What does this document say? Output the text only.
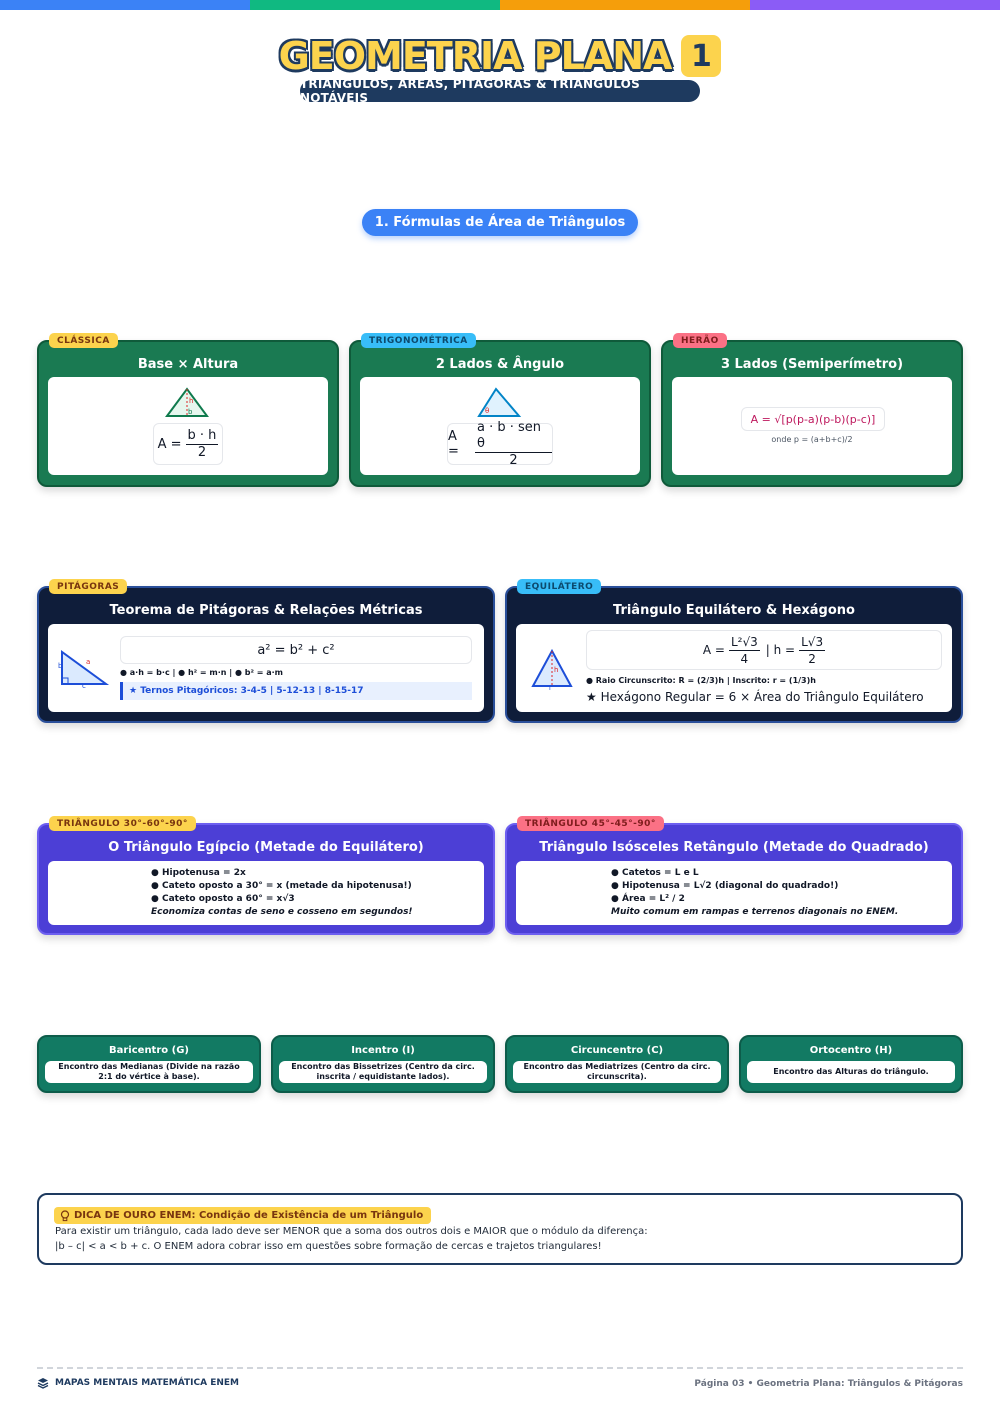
GEOMETRIA PLANA 1
TRIÂNGULOS, ÁREAS, PITÁGORAS & TRIÂNGULOS NOTÁVEIS
1. Fórmulas de Área de Triângulos
CLÁSSICA
Base × Altura
h
b
$A = \frac{b \cdot h}{2}$
TRIGONOMÉTRICA
2 Lados & Ângulo
θ
A =	$\frac{\text{a · b · sen θ}}{2}$
HERÃO
3 Lados (Semiperímetro)
A = √[p(p-a)(p-b)(p-c)]
onde p = (a+b+c)/2
PITÁGORAS
Teorema de Pitágoras & Relações Métricas
a
b
c
a² = b² + c²
● a·h = b·c | ● h² = m·n | ● b² = a·m
★ Ternos Pitagóricos: 3-4-5 | 5-12-13 | 8-15-17
EQUILÁTERO
Triângulo Equilátero & Hexágono
h
L
$A = \frac{\text{L²√3}}{4}$ | $h = \frac{L√3}{2}$
● Raio Circunscrito: R = (2/3)h | Inscrito: r = (1/3)h
★ Hexágono Regular = 6 × Área do Triângulo Equilátero
TRIÂNGULO 30°-60°-90°
O Triângulo Egípcio (Metade do Equilátero)
● Hipotenusa = 2x
● Cateto oposto a 30° = x (metade da hipotenusa!)
● Cateto oposto a 60° = x√3
Economiza contas de seno e cosseno em segundos!
TRIÂNGULO 45°-45°-90°
Triângulo Isósceles Retângulo (Metade do Quadrado)
● Catetos = L e L
● Hipotenusa = L√2 (diagonal do quadrado!)
● Área = L² / 2
Muito comum em rampas e terrenos diagonais no ENEM.
Baricentro (G)
Encontro das Medianas (Divide na razão 2:1 do vértice à base).
Incentro (I)
Encontro das Bissetrizes (Centro da circ. inscrita / equidistante lados).
Circuncentro (C)
Encontro das Mediatrizes (Centro da circ. circunscrita).
Ortocentro (H)
Encontro das Alturas do triângulo.
DICA DE OURO ENEM: Condição de Existência de um Triângulo
Para existir um triângulo, cada lado deve ser MENOR que a soma dos outros dois e MAIOR que o módulo da diferença:
|b – c| < a < b + c. O ENEM adora cobrar isso em questões sobre formação de cercas e trajetos triangulares!
MAPAS MENTAIS MATEMÁTICA ENEM	Página 03 • Geometria Plana: Triângulos & Pitágoras
